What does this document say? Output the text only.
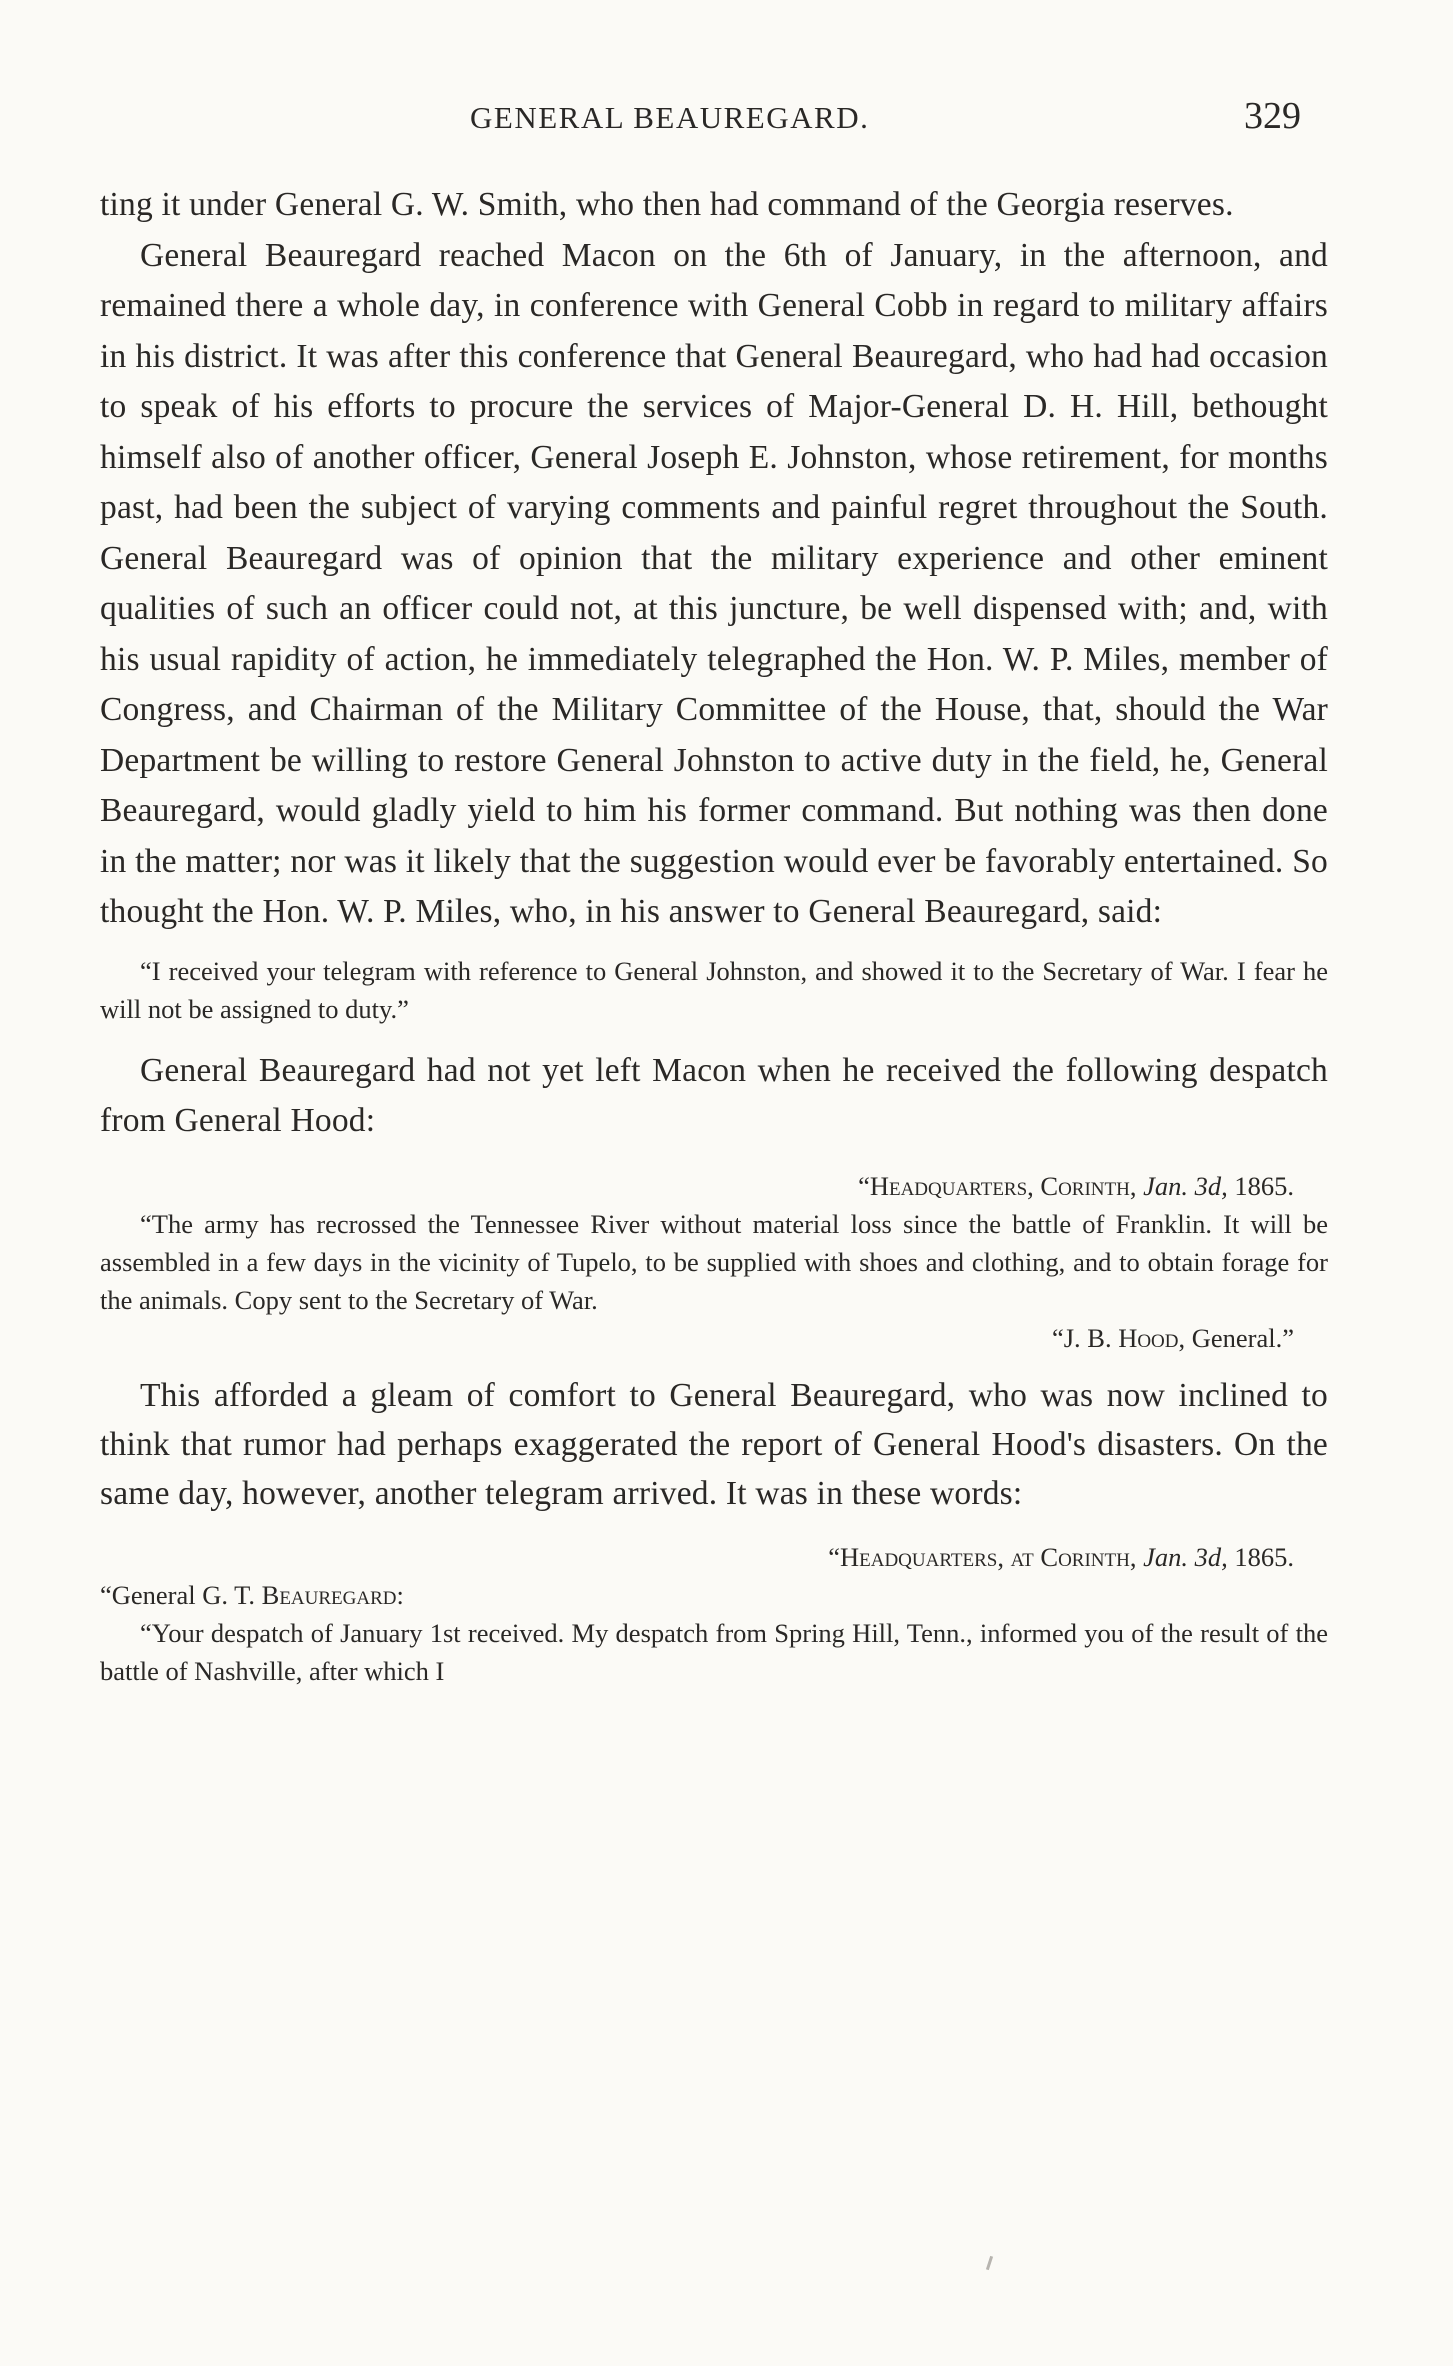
GENERAL BEAUREGARD.	329

ting it under General G. W. Smith, who then had command of the Georgia reserves.

General Beauregard reached Macon on the 6th of January, in the afternoon, and remained there a whole day, in conference with General Cobb in regard to military affairs in his district. It was after this conference that General Beauregard, who had had occasion to speak of his efforts to procure the services of Major-General D. H. Hill, bethought himself also of another officer, General Joseph E. Johnston, whose retirement, for months past, had been the subject of varying comments and painful regret throughout the South. General Beauregard was of opinion that the military experience and other eminent qualities of such an officer could not, at this juncture, be well dispensed with; and, with his usual rapidity of action, he immediately telegraphed the Hon. W. P. Miles, member of Congress, and Chairman of the Military Committee of the House, that, should the War Department be willing to restore General Johnston to active duty in the field, he, General Beauregard, would gladly yield to him his former command. But nothing was then done in the matter; nor was it likely that the suggestion would ever be favorably entertained. So thought the Hon. W. P. Miles, who, in his answer to General Beauregard, said:

“I received your telegram with reference to General Johnston, and showed it to the Secretary of War. I fear he will not be assigned to duty.”

General Beauregard had not yet left Macon when he received the following despatch from General Hood:

“Headquarters, Corinth, Jan. 3d, 1865.

“The army has recrossed the Tennessee River without material loss since the battle of Franklin. It will be assembled in a few days in the vicinity of Tupelo, to be supplied with shoes and clothing, and to obtain forage for the animals. Copy sent to the Secretary of War.

“J. B. Hood, General.”

This afforded a gleam of comfort to General Beauregard, who was now inclined to think that rumor had perhaps exaggerated the report of General Hood's disasters. On the same day, however, another telegram arrived. It was in these words:

“Headquarters, at Corinth, Jan. 3d, 1865.

“General G. T. Beauregard:

“Your despatch of January 1st received. My despatch from Spring Hill, Tenn., informed you of the result of the battle of Nashville, after which I
